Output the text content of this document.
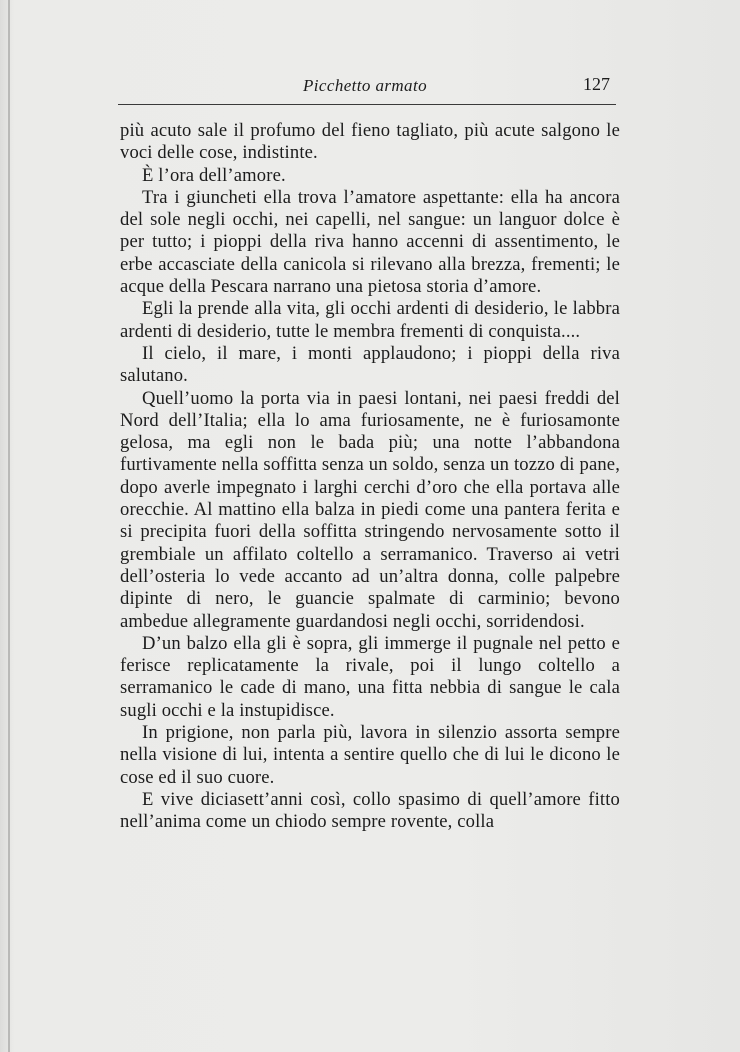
Picchetto armato	127

più acuto sale il profumo del fieno tagliato, più acute salgono le voci delle cose, indistinte.

È l’ora dell’amore.

Tra i giuncheti ella trova l’amatore aspettante: ella ha ancora del sole negli occhi, nei capelli, nel sangue: un languor dolce è per tutto; i pioppi della riva hanno accenni di assentimento, le erbe accasciate della canicola si rilevano alla brezza, frementi; le acque della Pescara narrano una pietosa storia d’amore.

Egli la prende alla vita, gli occhi ardenti di desiderio, le labbra ardenti di desiderio, tutte le membra frementi di conquista....

Il cielo, il mare, i monti applaudono; i pioppi della riva salutano.

Quell’uomo la porta via in paesi lontani, nei paesi freddi del Nord dell’Italia; ella lo ama furiosamente, ne è furiosamonte gelosa, ma egli non le bada più; una notte l’abbandona furtivamente nella soffitta senza un soldo, senza un tozzo di pane, dopo averle impegnato i larghi cerchi d’oro che ella portava alle orecchie. Al mattino ella balza in piedi come una pantera ferita e si precipita fuori della soffitta stringendo nervosamente sotto il grembiale un affilato coltello a serramanico. Traverso ai vetri dell’osteria lo vede accanto ad un’altra donna, colle palpebre dipinte di nero, le guancie spalmate di carminio; bevono ambedue allegramente guardandosi negli occhi, sorridendosi.

D’un balzo ella gli è sopra, gli immerge il pugnale nel petto e ferisce replicatamente la rivale, poi il lungo coltello a serramanico le cade di mano, una fitta nebbia di sangue le cala sugli occhi e la instupidisce.

In prigione, non parla più, lavora in silenzio assorta sempre nella visione di lui, intenta a sentire quello che di lui le dicono le cose ed il suo cuore.

E vive diciasett’anni così, collo spasimo di quell’amore fitto nell’anima come un chiodo sempre rovente, colla
